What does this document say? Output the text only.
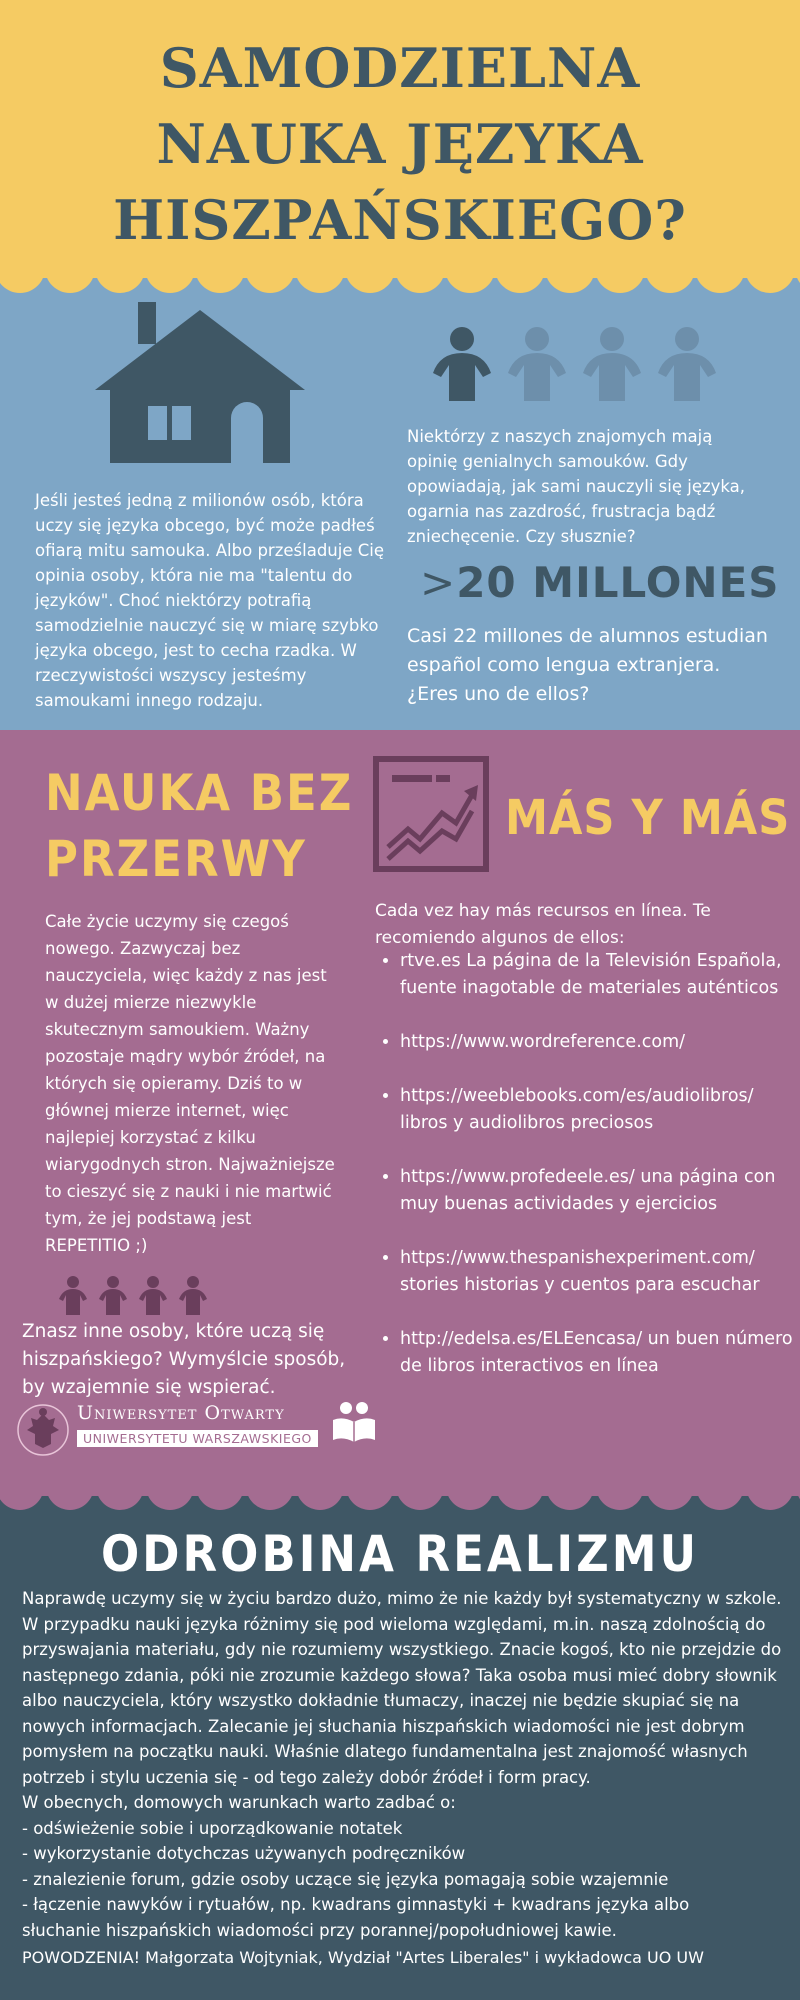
SAMODZIELNA
NAUKA JĘZYKA
HISZPAŃSKIEGO?

Jeśli jesteś jedną z milionów osób, która uczy się języka obcego, być może padłeś ofiarą mitu samouka. Albo prześladuje Cię opinia osoby, która nie ma "talentu do języków". Choć niektórzy potrafią samodzielnie nauczyć się w miarę szybko języka obcego, jest to cecha rzadka. W rzeczywistości wszyscy jesteśmy samoukami innego rodzaju.

Niektórzy z naszych znajomych mają opinię genialnych samouków. Gdy opowiadają, jak sami nauczyli się języka, ogarnia nas zazdrość, frustracja bądź zniechęcenie. Czy słusznie?

>20 MILLONES

Casi 22 millones de alumnos estudian español como lengua extranjera. ¿Eres uno de ellos?

NAUKA BEZ
PRZERWY
MÁS Y MÁS

Całe życie uczymy się czegoś nowego. Zazwyczaj bez nauczyciela, więc każdy z nas jest w dużej mierze niezwykle skutecznym samoukiem. Ważny pozostaje mądry wybór źródeł, na których się opieramy. Dziś to w głównej mierze internet, więc najlepiej korzystać z kilku wiarygodnych stron. Najważniejsze to cieszyć się z nauki i nie martwić tym, że jej podstawą jest REPETITIO ;)

Znasz inne osoby, które uczą się hiszpańskiego? Wymyślcie sposób, by wzajemnie się wspierać.

Cada vez hay más recursos en línea. Te recomiendo algunos de ellos:

• rtve.es La página de la Televisión Española, fuente inagotable de materiales auténticos
• https://www.wordreference.com/
• https://weeblebooks.com/es/audiolibros/ libros y audiolibros preciosos
• https://www.profedeele.es/ una página con muy buenas actividades y ejercicios
• https://www.thespanishexperiment.com/ stories historias y cuentos para escuchar
• http://edelsa.es/ELEencasa/ un buen número de libros interactivos en línea

Uniwersytet Otwarty

UNIWERSYTETU WARSZAWSKIEGO

ODROBINA REALIZMU
Naprawdę uczymy się w życiu bardzo dużo, mimo że nie każdy był systematyczny w szkole.
W przypadku nauki języka różnimy się pod wieloma względami, m.in. naszą zdolnością do
przyswajania materiału, gdy nie rozumiemy wszystkiego. Znacie kogoś, kto nie przejdzie do
następnego zdania, póki nie zrozumie każdego słowa? Taka osoba musi mieć dobry słownik
albo nauczyciela, który wszystko dokładnie tłumaczy, inaczej nie będzie skupiać się na
nowych informacjach. Zalecanie jej słuchania hiszpańskich wiadomości nie jest dobrym
pomysłem na początku nauki. Właśnie dlatego fundamentalna jest znajomość własnych
potrzeb i stylu uczenia się - od tego zależy dobór źródeł i form pracy.
W obecnych, domowych warunkach warto zadbać o:
- odświeżenie sobie i uporządkowanie notatek
- wykorzystanie dotychczas używanych podręczników
- znalezienie forum, gdzie osoby uczące się języka pomagają sobie wzajemnie
- łączenie nawyków i rytuałów, np. kwadrans gimnastyki + kwadrans języka albo
słuchanie hiszpańskich wiadomości przy porannej/popołudniowej kawie.

POWODZENIA! Małgorzata Wojtyniak, Wydział "Artes Liberales" i wykładowca UO UW
